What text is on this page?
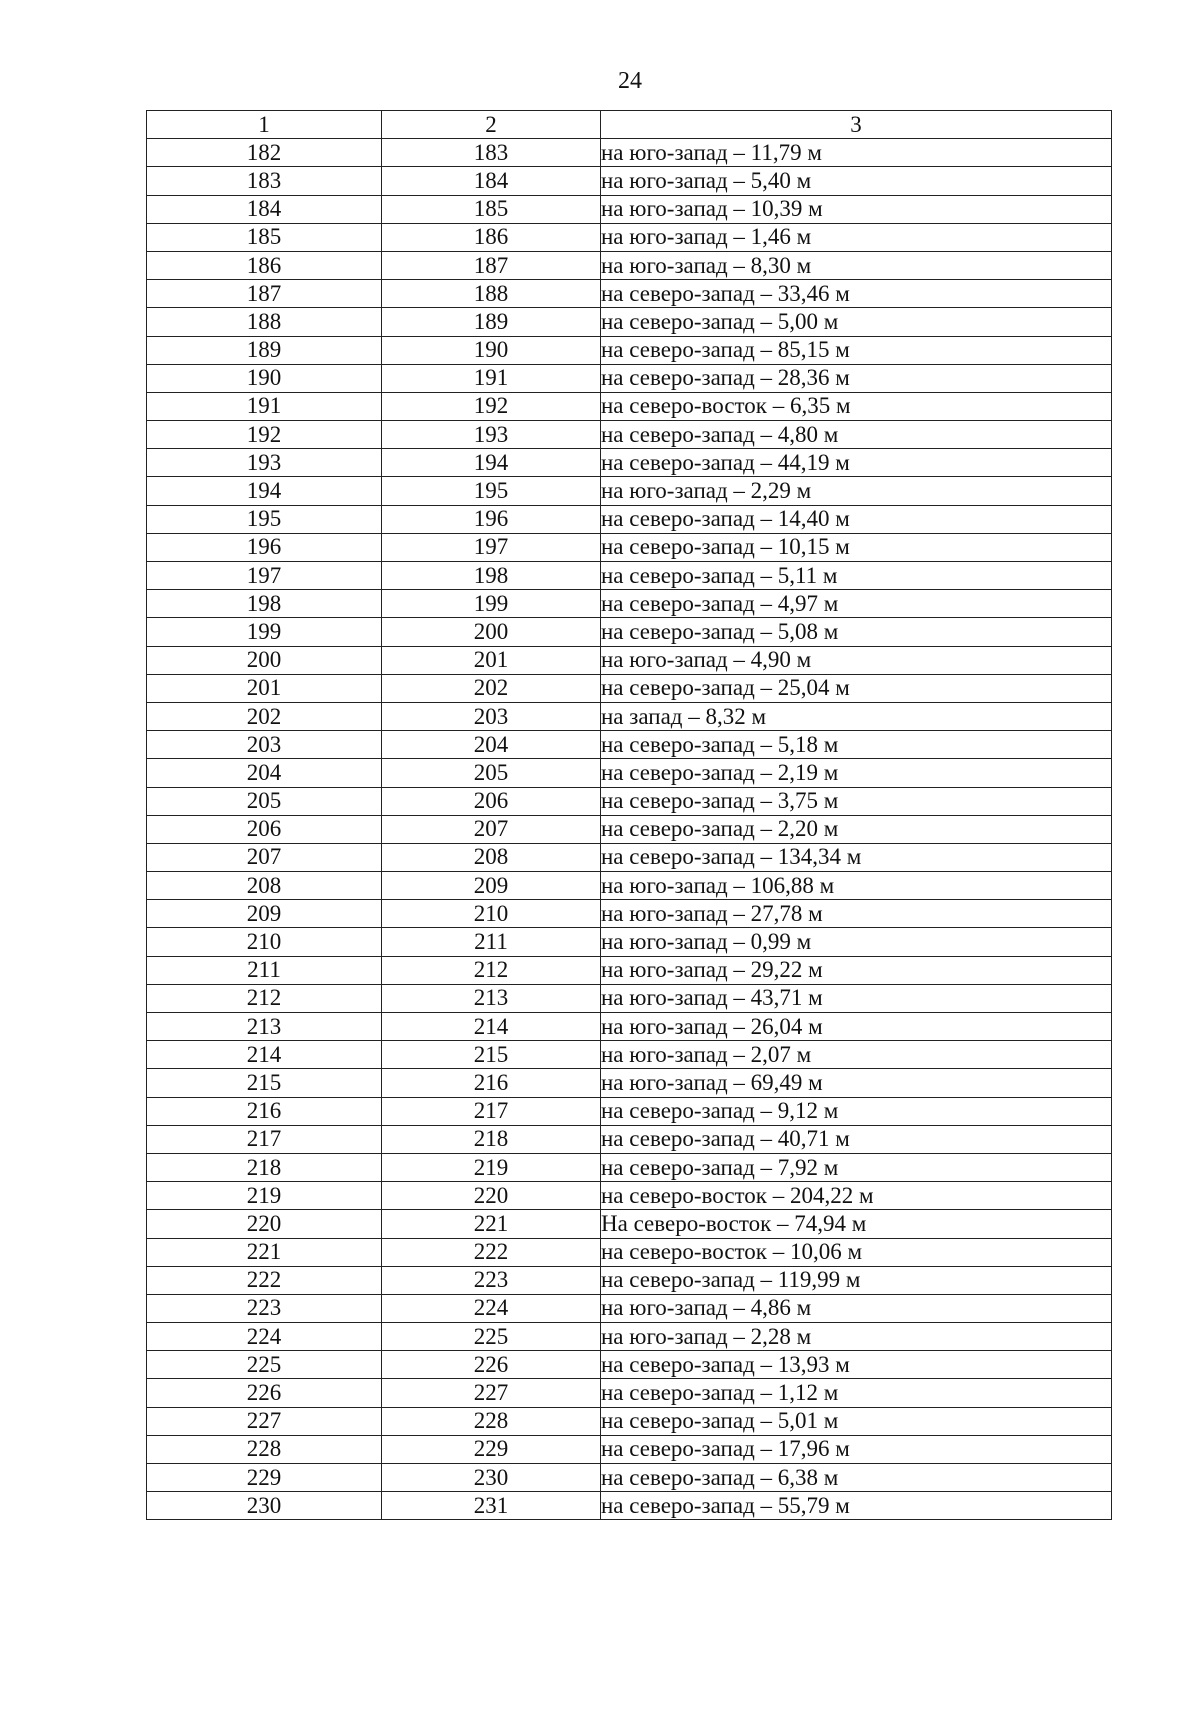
24
1	2	3
182	183	на юго-запад – 11,79 м
183	184	на юго-запад – 5,40 м
184	185	на юго-запад – 10,39 м
185	186	на юго-запад – 1,46 м
186	187	на юго-запад – 8,30 м
187	188	на северо-запад – 33,46 м
188	189	на северо-запад – 5,00 м
189	190	на северо-запад – 85,15 м
190	191	на северо-запад – 28,36 м
191	192	на северо-восток – 6,35 м
192	193	на северо-запад – 4,80 м
193	194	на северо-запад – 44,19 м
194	195	на юго-запад – 2,29 м
195	196	на северо-запад – 14,40 м
196	197	на северо-запад – 10,15 м
197	198	на северо-запад – 5,11 м
198	199	на северо-запад – 4,97 м
199	200	на северо-запад – 5,08 м
200	201	на юго-запад – 4,90 м
201	202	на северо-запад – 25,04 м
202	203	на запад – 8,32 м
203	204	на северо-запад – 5,18 м
204	205	на северо-запад – 2,19 м
205	206	на северо-запад – 3,75 м
206	207	на северо-запад – 2,20 м
207	208	на северо-запад – 134,34 м
208	209	на юго-запад – 106,88 м
209	210	на юго-запад – 27,78 м
210	211	на юго-запад – 0,99 м
211	212	на юго-запад – 29,22 м
212	213	на юго-запад – 43,71 м
213	214	на юго-запад – 26,04 м
214	215	на юго-запад – 2,07 м
215	216	на юго-запад – 69,49 м
216	217	на северо-запад – 9,12 м
217	218	на северо-запад – 40,71 м
218	219	на северо-запад – 7,92 м
219	220	на северо-восток – 204,22 м
220	221	На северо-восток – 74,94 м
221	222	на северо-восток – 10,06 м
222	223	на северо-запад – 119,99 м
223	224	на юго-запад – 4,86 м
224	225	на юго-запад – 2,28 м
225	226	на северо-запад – 13,93 м
226	227	на северо-запад – 1,12 м
227	228	на северо-запад – 5,01 м
228	229	на северо-запад – 17,96 м
229	230	на северо-запад – 6,38 м
230	231	на северо-запад – 55,79 м
